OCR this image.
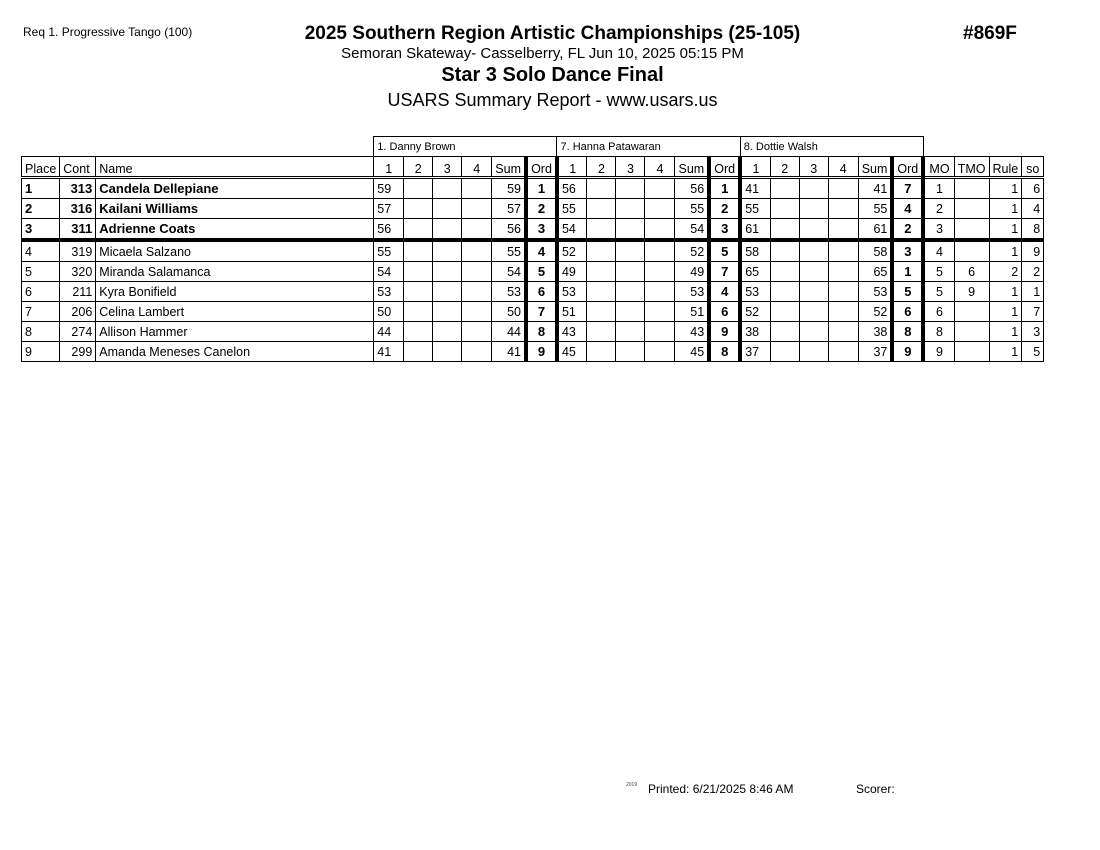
Req 1. Progressive Tango (100)	2025 Southern Region Artistic Championships (25-105)
Semoran Skateway- Casselberry, FL Jun 10, 2025 05:15 PM
Star 3 Solo Dance Final
USARS Summary Report - www.usars.us
#869F
			1. Danny Brown						7. Hanna Patawaran						8. Dottie Walsh									
Place	Cont	Name	1	2	3	4	Sum	Ord	1	2	3	4	Sum	Ord	1	2	3	4	Sum	Ord	MO	TMO	Rule	so
1	313	Candela Dellepiane	59				59	1	56				56	1	41				41	7	1		1	6
2	316	Kailani Williams	57				57	2	55				55	2	55				55	4	2		1	4
3	311	Adrienne Coats	56				56	3	54				54	3	61				61	2	3		1	8
4	319	Micaela Salzano	55				55	4	52				52	5	58				58	3	4		1	9
5	320	Miranda Salamanca	54				54	5	49				49	7	65				65	1	5	6	2	2
6	211	Kyra Bonifield	53				53	6	53				53	4	53				53	5	5	9	1	1
7	206	Celina Lambert	50				50	7	51				51	6	52				52	6	6		1	7
8	274	Allison Hammer	44				44	8	43				43	9	38				38	8	8		1	3
9	299	Amanda Meneses Canelon	41				41	9	45				45	8	37				37	9	9		1	5
2019 Printed: 6/21/2025 8:46 AM	Scorer:
